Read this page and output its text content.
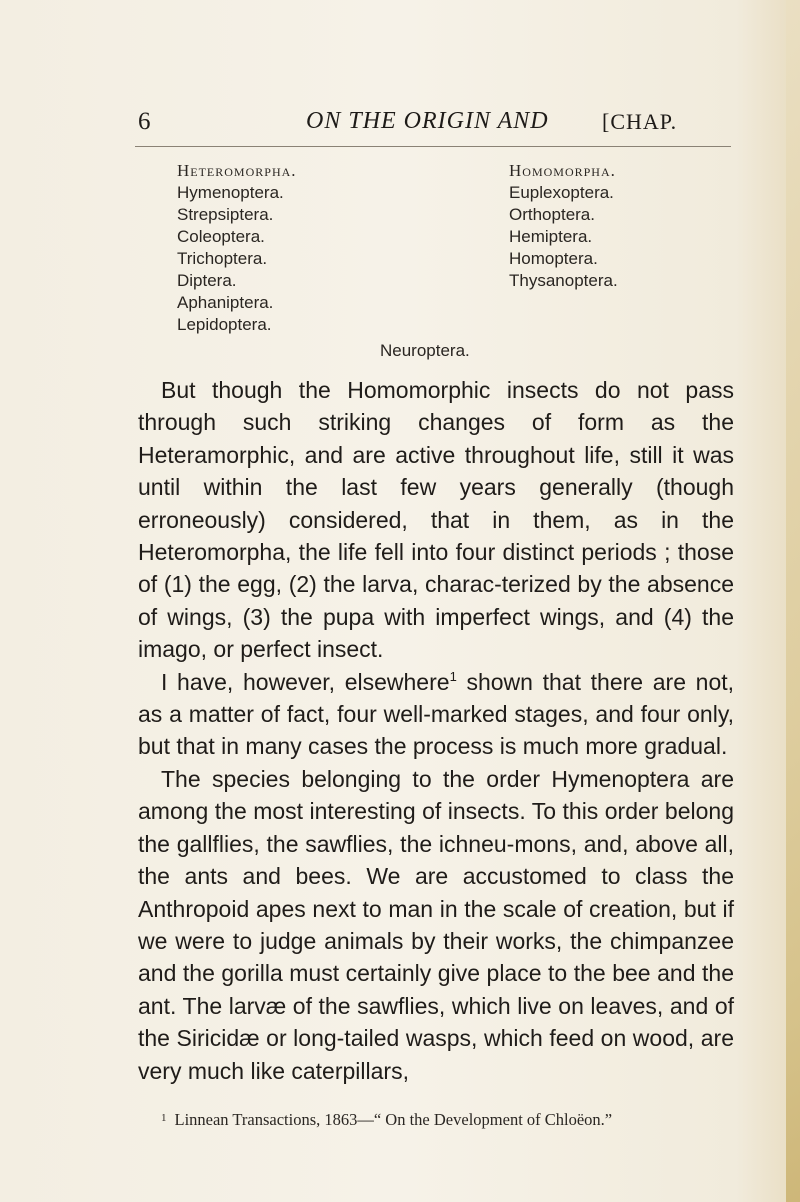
6	ON THE ORIGIN AND [CHAP.
Heteromorpha.
Hymenoptera.
Strepsiptera.
Coleoptera.
Trichoptera.
Diptera.
Aphaniptera.
Lepidoptera.
Homomorpha.
Euplexoptera.
Orthoptera.
Hemiptera.
Homoptera.
Thysanoptera.
Neuroptera.

But though the Homomorphic insects do not pass through such striking changes of form as the Heteramorphic, and are active throughout life, still it was until within the last few years generally (though erroneously) considered, that in them, as in the Heteromorpha, the life fell into four distinct periods ; those of (1) the egg, (2) the larva, charac-terized by the absence of wings, (3) the pupa with imperfect wings, and (4) the imago, or perfect insect.

I have, however, elsewhere$^1$ shown that there are not, as a matter of fact, four well-marked stages, and four only, but that in many cases the process is much more gradual.

The species belonging to the order Hymenoptera are among the most interesting of insects. To this order belong the gallflies, the sawflies, the ichneu-mons, and, above all, the ants and bees. We are accustomed to class the Anthropoid apes next to man in the scale of creation, but if we were to judge animals by their works, the chimpanzee and the gorilla must certainly give place to the bee and the ant. The larvæ of the sawflies, which live on leaves, and of the Siricidæ or long-tailed wasps, which feed on wood, are very much like caterpillars,

$^1$ Linnean Transactions, 1863—“ On the Development of Chloëon.”
